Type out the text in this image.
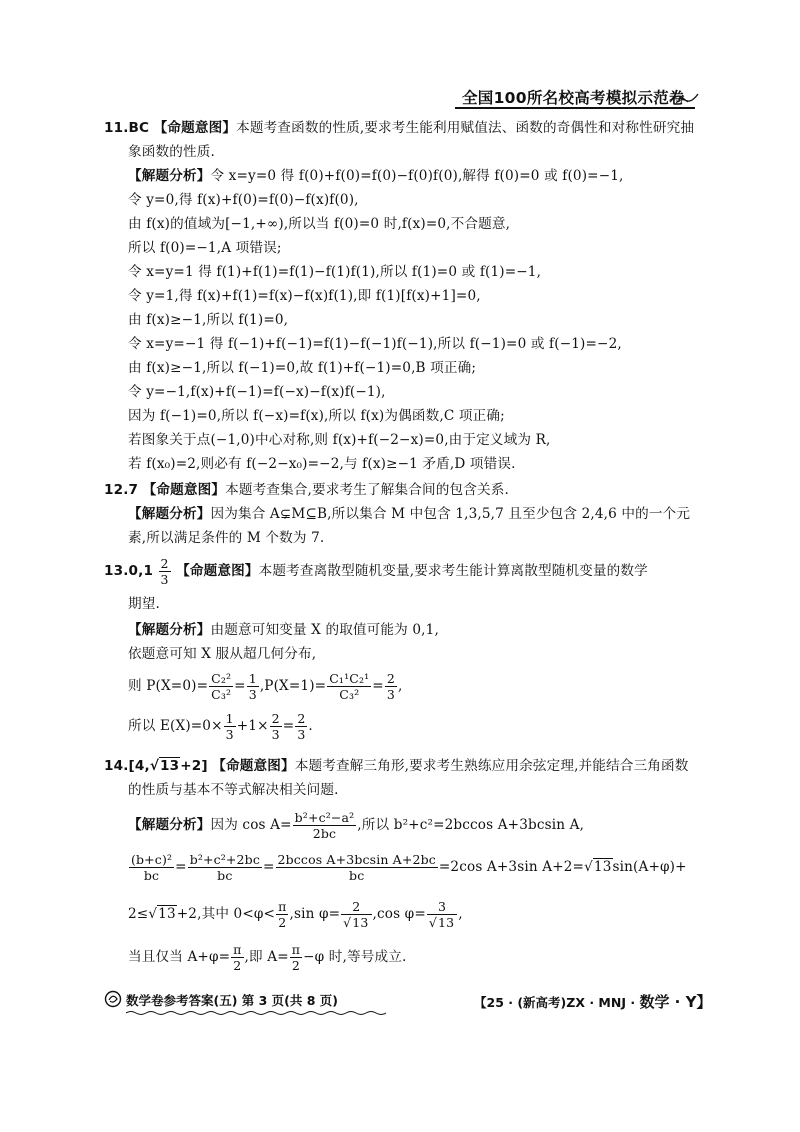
全国100所名校高考模拟示范卷
11.BC 【命题意图】本题考查函数的性质,要求考生能利用赋值法、函数的奇偶性和对称性研究抽
象函数的性质.
【解题分析】令 x=y=0 得 f(0)+f(0)=f(0)−f(0)f(0),解得 f(0)=0 或 f(0)=−1,
令 y=0,得 f(x)+f(0)=f(0)−f(x)f(0),
由 f(x)的值域为[−1,+∞),所以当 f(0)=0 时,f(x)=0,不合题意,
所以 f(0)=−1,A 项错误;
令 x=y=1 得 f(1)+f(1)=f(1)−f(1)f(1),所以 f(1)=0 或 f(1)=−1,
令 y=1,得 f(x)+f(1)=f(x)−f(x)f(1),即 f(1)[f(x)+1]=0,
由 f(x)≥−1,所以 f(1)=0,
令 x=y=−1 得 f(−1)+f(−1)=f(1)−f(−1)f(−1),所以 f(−1)=0 或 f(−1)=−2,
由 f(x)≥−1,所以 f(−1)=0,故 f(1)+f(−1)=0,B 项正确;
令 y=−1,f(x)+f(−1)=f(−x)−f(x)f(−1),
因为 f(−1)=0,所以 f(−x)=f(x),所以 f(x)为偶函数,C 项正确;
若图象关于点(−1,0)中心对称,则 f(x)+f(−2−x)=0,由于定义域为 R,
若 f(x₀)=2,则必有 f(−2−x₀)=−2,与 f(x)≥−1 矛盾,D 项错误.
12.7 【命题意图】本题考查集合,要求考生了解集合间的包含关系.
【解题分析】因为集合 A⊊M⊆B,所以集合 M 中包含 1,3,5,7 且至少包含 2,4,6 中的一个元
素,所以满足条件的 M 个数为 7.
$13.0,1 \frac{2}{3}$ 【命题意图】本题考查离散型随机变量,要求考生能计算离散型随机变量的数学
期望.
【解题分析】由题意可知变量 X 的取值可能为 0,1,
依题意可知 X 服从超几何分布,
则 $P(X=0)= \frac{\text{C₂²}}{\text{C₃²}} = \frac{1}{3} ,P(X=1)= \frac{\text{C₁¹C₂¹}}{\text{C₃²}} = \frac{2}{3}$ ,
所以 $E(X)=0\times \frac{1}{3} +1\times \frac{2}{3} = \frac{2}{3}$ .
14.[4,√13+2] 【命题意图】本题考查解三角形,要求考生熟练应用余弦定理,并能结合三角函数
的性质与基本不等式解决相关问题.
【解题分析】因为 $\cos A= \frac{\text{b²+c²−a²}}{2bc}$ ,所以 b²+c²=2bccos A+3bcsin A,
$\frac{\text{(b+c)²}}{bc} = \frac{\text{b²+c²+2bc}}{bc} = \frac{\text{2bccos A+3bcsin A+2bc}}{bc} =2\cos$ A+3sin A+2=√13sin(A+φ)+
2≤√13+2,其中 $0<\varphi< \frac{\pi}{2} ,\sin$ $\varphi= \frac{2}{√13} ,\cos$ $\varphi= \frac{3}{√13}$ ,
当且仅当 $A+\varphi= \frac{\pi}{2}$ ,即 $A= \frac{\pi}{2} -\varphi$ 时,等号成立.
数学卷参考答案(五) 第 3 页(共 8 页)	【25 · (新高考)ZX · MNJ · 数学 · Y】
